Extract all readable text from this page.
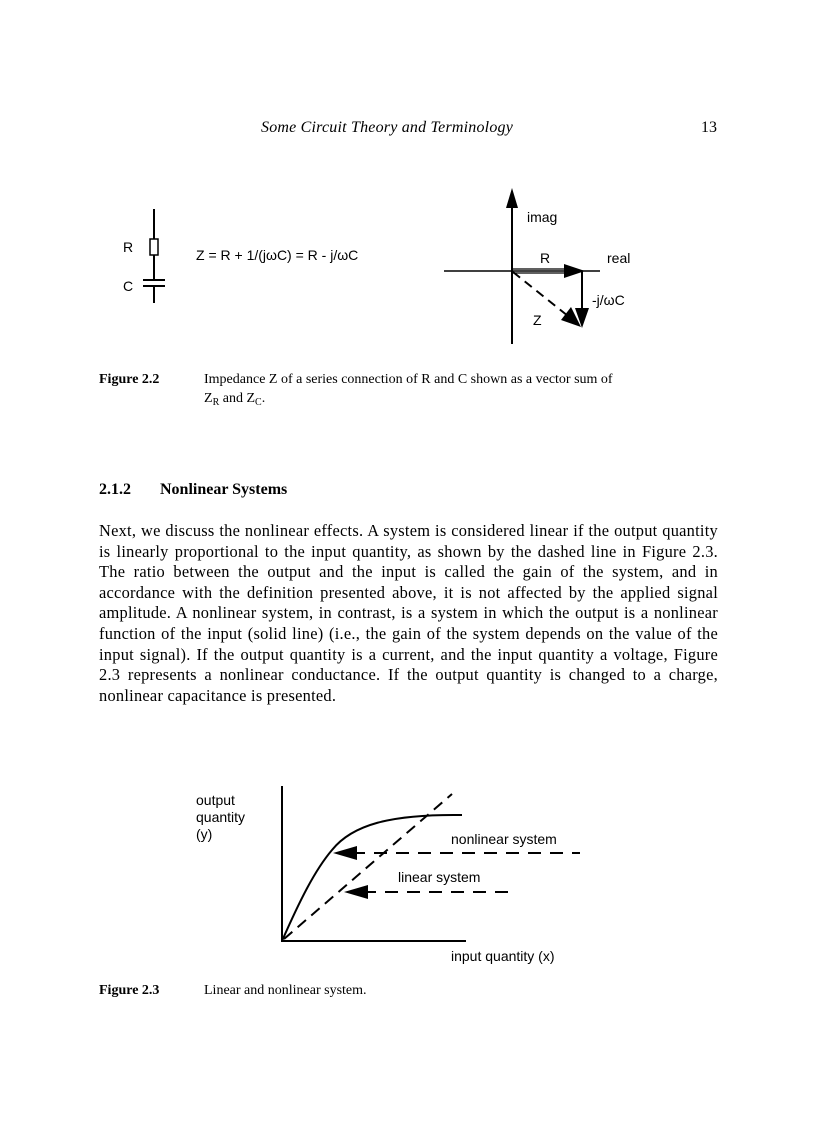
Some Circuit Theory and Terminology	13
R
C
Z = R + 1/(jωC) = R - j/ωC
imag
real
R
-j/ωC
Z
Figure 2.2	Impedance Z of a series connection of R and C shown as a vector sum of
$Z_R$ and $Z_C$.
2.1.2 Nonlinear Systems
Next, we discuss the nonlinear effects. A system is considered linear if the output quantity is linearly proportional to the input quantity, as shown by the dashed line in Figure 2.3. The ratio between the output and the input is called the gain of the system, and in accordance with the definition presented above, it is not affected by the applied signal amplitude. A nonlinear system, in contrast, is a system in which the output is a nonlinear function of the input (solid line) (i.e., the gain of the system depends on the value of the input signal). If the output quantity is a current, and the input quantity a voltage, Figure 2.3 represents a nonlinear conductance. If the output quantity is changed to a charge, nonlinear capacitance is presented.
output
quantity
(y)	nonlinear system
linear system
input quantity (x)
Figure 2.3	Linear and nonlinear system.
